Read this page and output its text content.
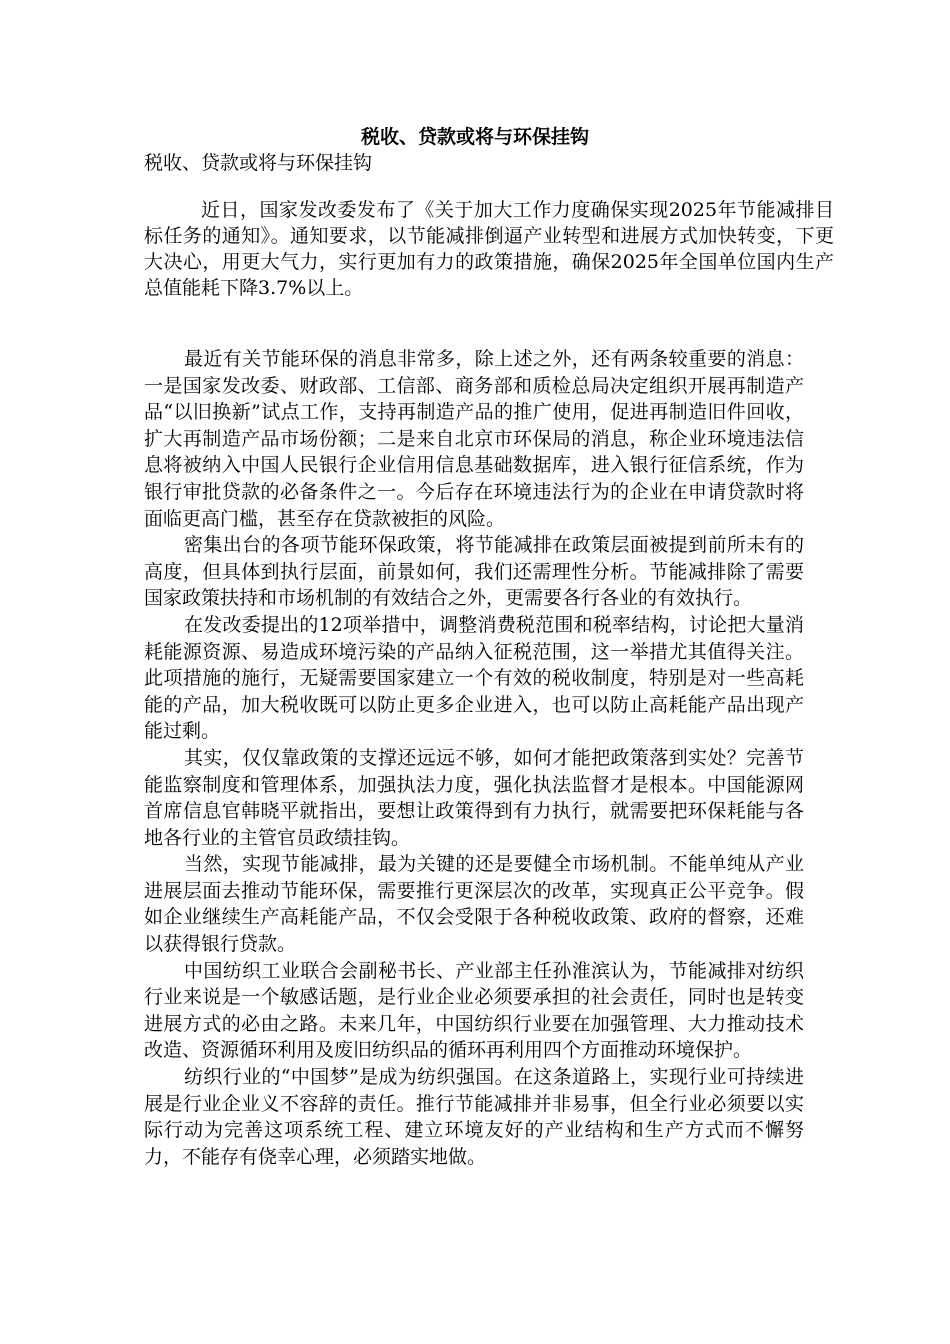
税收、贷款或将与环保挂钩
税收、贷款或将与环保挂钩

近日，国家发改委发布了《关于加大工作力度确保实现2025年节能减排目标任务的通知》。通知要求，以节能减排倒逼产业转型和进展方式加快转变，下更大决心，用更大气力，实行更加有力的政策措施，确保2025年全国单位国内生产总值能耗下降3.7%以上。

最近有关节能环保的消息非常多，除上述之外，还有两条较重要的消息：一是国家发改委、财政部、工信部、商务部和质检总局决定组织开展再制造产品“以旧换新”试点工作，支持再制造产品的推广使用，促进再制造旧件回收，扩大再制造产品市场份额；二是来自北京市环保局的消息，称企业环境违法信息将被纳入中国人民银行企业信用信息基础数据库，进入银行征信系统，作为银行审批贷款的必备条件之一。今后存在环境违法行为的企业在申请贷款时将面临更高门槛，甚至存在贷款被拒的风险。

密集出台的各项节能环保政策，将节能减排在政策层面被提到前所未有的高度，但具体到执行层面，前景如何，我们还需理性分析。节能减排除了需要国家政策扶持和市场机制的有效结合之外，更需要各行各业的有效执行。

在发改委提出的12项举措中，调整消费税范围和税率结构，讨论把大量消耗能源资源、易造成环境污染的产品纳入征税范围，这一举措尤其值得关注。此项措施的施行，无疑需要国家建立一个有效的税收制度，特别是对一些高耗能的产品，加大税收既可以防止更多企业进入，也可以防止高耗能产品出现产能过剩。

其实，仅仅靠政策的支撑还远远不够，如何才能把政策落到实处？完善节能监察制度和管理体系，加强执法力度，强化执法监督才是根本。中国能源网首席信息官韩晓平就指出，要想让政策得到有力执行，就需要把环保耗能与各地各行业的主管官员政绩挂钩。

当然，实现节能减排，最为关键的还是要健全市场机制。不能单纯从产业进展层面去推动节能环保，需要推行更深层次的改革，实现真正公平竞争。假如企业继续生产高耗能产品，不仅会受限于各种税收政策、政府的督察，还难以获得银行贷款。

中国纺织工业联合会副秘书长、产业部主任孙淮滨认为，节能减排对纺织行业来说是一个敏感话题，是行业企业必须要承担的社会责任，同时也是转变进展方式的必由之路。未来几年，中国纺织行业要在加强管理、大力推动技术改造、资源循环利用及废旧纺织品的循环再利用四个方面推动环境保护。

纺织行业的“中国梦”是成为纺织强国。在这条道路上，实现行业可持续进展是行业企业义不容辞的责任。推行节能减排并非易事，但全行业必须要以实际行动为完善这项系统工程、建立环境友好的产业结构和生产方式而不懈努力，不能存有侥幸心理，必须踏实地做。
